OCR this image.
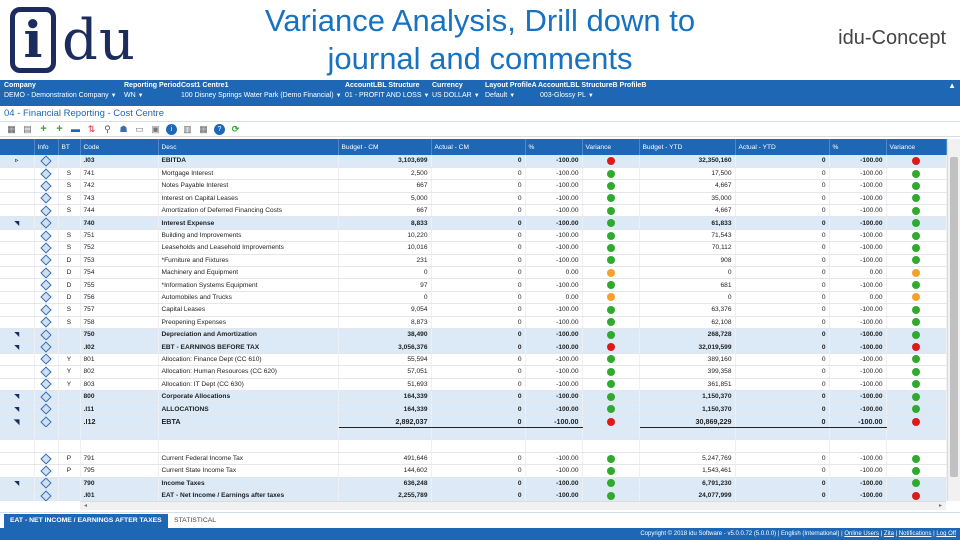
i du	Variance Analysis, Drill down to
journal and comments
idu-Concept
Company
DEMO - Demonstration Company ▼
Reporting Period
WN ▼
Cost1 Centre1
100 Disney Springs Water Park (Demo Financial) ▼
AccountLBL Structure
01 - PROFIT AND LOSS ▼
Currency
US DOLLAR ▼
Layout ProfileA
Default ▼
AccountLBL StructureB ProfileB
003-Glossy PL ▼
▲
04 - Financial Reporting - Cost Centre
▦ ▤ + + ▬ ⇅ ⚲ ☗ ▭ ▣	i	▥ ▦	?	⟳
	Info	BT	Code	Desc	Budget - CM	Actual - CM	%	Variance	Budget - YTD	Actual - YTD	%	Variance
▹			.I03	EBITDA	3,103,699	0	-100.00		32,350,160	0	-100.00	
		S	741	Mortgage Interest	2,500	0	-100.00		17,500	0	-100.00	
		S	742	Notes Payable Interest	667	0	-100.00		4,667	0	-100.00	
		S	743	Interest on Capital Leases	5,000	0	-100.00		35,000	0	-100.00	
		S	744	Amortization of Deferred Financing Costs	667	0	-100.00		4,667	0	-100.00	
◥			740	Interest Expense	8,833	0	-100.00		61,833	0	-100.00	
		S	751	Building and Improvements	10,220	0	-100.00		71,543	0	-100.00	
		S	752	Leaseholds and Leasehold Improvements	10,016	0	-100.00		70,112	0	-100.00	
		D	753	*Furniture and Fixtures	231	0	-100.00		908	0	-100.00	
		D	754	Machinery and Equipment	0	0	0.00		0	0	0.00	
		D	755	*Information Systems Equipment	97	0	-100.00		681	0	-100.00	
		D	756	Automobiles and Trucks	0	0	0.00		0	0	0.00	
		S	757	Capital Leases	9,054	0	-100.00		63,376	0	-100.00	
		S	758	Preopening Expenses	8,873	0	-100.00		62,108	0	-100.00	
◥			750	Depreciation and Amortization	38,490	0	-100.00		268,728	0	-100.00	
◥			.I02	EBT - EARNINGS BEFORE TAX	3,056,376	0	-100.00		32,019,599	0	-100.00	
		Y	801	Allocation: Finance Dept (CC 610)	55,594	0	-100.00		389,160	0	-100.00	
		Y	802	Allocation: Human Resources (CC 620)	57,051	0	-100.00		399,358	0	-100.00	
		Y	803	Allocation: IT Dept (CC 630)	51,693	0	-100.00		361,851	0	-100.00	
◥			800	Corporate Allocations	164,339	0	-100.00		1,150,370	0	-100.00	
◥			.I11	ALLOCATIONS	164,339	0	-100.00		1,150,370	0	-100.00	
◥			.I12	EBTA	2,892,037	0	-100.00		30,869,229	0	-100.00	

		P	791	Current Federal Income Tax	491,646	0	-100.00		5,247,769	0	-100.00	
		P	795	Current State Income Tax	144,602	0	-100.00		1,543,461	0	-100.00	
◥			790	Income Taxes	636,248	0	-100.00		6,791,230	0	-100.00	
			.I01	EAT - Net Income / Earnings after taxes	2,255,789	0	-100.00		24,077,999	0	-100.00	
◂	▸
EAT - NET INCOME / EARNINGS AFTER TAXES	STATISTICAL
Copyright © 2018 idu Software - v5.0.0.72 (5.0.0.0) | English (International) | Online Users | Zita | Notifications | Log Off
